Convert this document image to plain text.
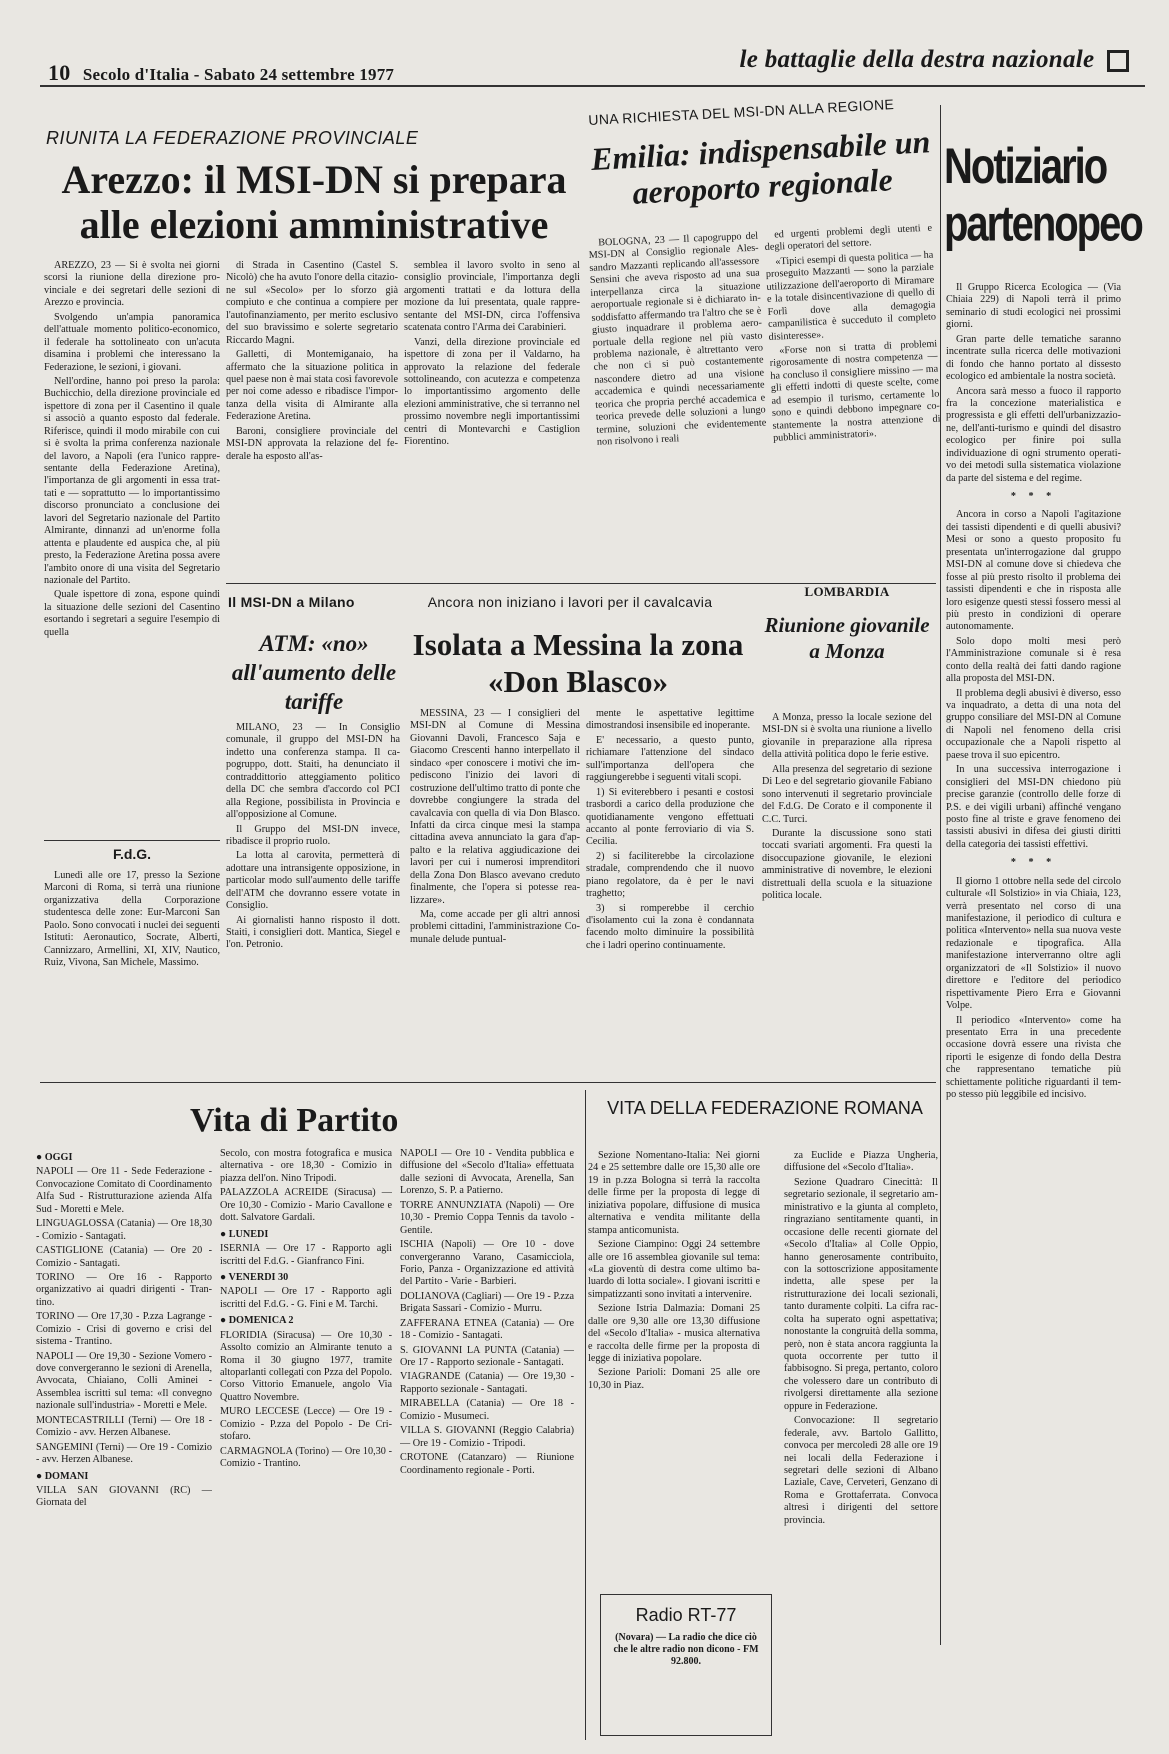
10 Secolo d'Italia - Sabato 24 settembre 1977
le battaglie della destra nazionale
RIUNITA LA FEDERAZIONE PROVINCIALE
Arezzo: il MSI-DN si prepara alle elezioni amministrative

AREZZO, 23 — Si è svolta nei giorni scorsi la riunione della direzione provinciale e dei segretari delle sezioni di Arezzo e provincia.

Svolgendo un'ampia panoramica dell'attuale momento politico-economico, il federale ha sottolineato con un'acuta disamina i problemi che interessano la Federazione, le sezioni, i giovani.

Nell'ordine, hanno poi preso la parola: Buchicchio, della direzione provinciale ed ispettore di zona per il Casentino il quale si associò a quanto esposto dal federale. Riferisce, quindi il modo mirabile con cui si è svolta la prima conferenza nazionale del lavoro, a Napoli (era l'unico rappresentante della Federazione Aretina), l'importanza de gli argomenti in essa trattati e — soprattutto — lo importantissimo discorso pronunciato a conclusione dei lavori del Segretario nazionale del Partito Almirante, dinnanzi ad un'enorme folla attenta e plaudente ed auspica che, al più presto, la Federazione Aretina possa avere l'ambito onore di una visita del Segretario nazionale del Partito.

Quale ispettore di zona, espone quindi la situazione delle sezioni del Casentino esortando i segretari a seguire l'esempio di quella

di Strada in Casentino (Castel S. Nicolò) che ha avuto l'onore della citazione sul «Secolo» per lo sforzo già compiuto e che continua a compiere per l'autofinanziamento, per merito esclusivo del suo bravissimo e solerte segretario Riccardo Magni.

Galletti, di Montemiganaio, ha affermato che la situazione politica in quel paese non è mai stata così favorevole per noi come adesso e ribadisce l'importanza della visita di Almirante alla Federazione Aretina.

Baroni, consigliere provinciale del MSI-DN approvata la relazione del federale ha esposto all'as-

semblea il lavoro svolto in seno al consiglio provinciale, l'importanza degli argomenti trattati e da lottura della mozione da lui presentata, quale rappresentante del MSI-DN, circa l'offensiva scatenata contro l'Arma dei Carabinieri.

Vanzi, della direzione provinciale ed ispettore di zona per il Valdarno, ha approvato la relazione del federale sottolineando, con acutezza e competenza lo importantissimo argomento delle elezioni amministrative, che si terranno nel prossimo novembre negli importantissimi centri di Montevarchi e Castiglion Fiorentino.

UNA RICHIESTA DEL MSI-DN ALLA REGIONE
Emilia: indispensabile un aeroporto regionale

BOLOGNA, 23 — Il capogruppo del MSI-DN al Consiglio regionale Alessandro Mazzanti replicando all'assessore Sensini che aveva risposto ad una sua interpellanza circa la situazione aeroportuale regionale si è dichiarato insoddisfatto affermando tra l'altro che se è giusto inquadrare il problema aeroportuale della regione nel più vasto problema nazionale, è altrettanto vero che non ci si può costantemente nascondere dietro ad una visione accademica e quindi necessariamente teorica che propria perché accademica e teorica prevede delle soluzioni a lungo termine, soluzioni che evidentemente non risolvono i reali

ed urgenti problemi degli utenti e degli operatori del settore.

«Tipici esempi di questa politica — ha proseguito Mazzanti — sono la parziale utilizzazione dell'aeroporto di Miramare e la totale disincentivazione di quello di Forlì dove alla demagogia campanilistica è succeduto il completo disinteresse».

«Forse non si tratta di problemi rigorosamente di nostra competenza — ha concluso il consigliere missino — ma gli effetti indotti di queste scelte, come ad esempio il turismo, certamente lo sono e quindi debbono impegnare costantemente la nostra attenzione di pubblici amministratori».

Notiziario partenopeo

Il Gruppo Ricerca Ecologica — (Via Chiaia 229) di Napoli terrà il primo seminario di studi ecologici nei prossimi giorni.

Gran parte delle tematiche saranno incentrate sulla ricerca delle motivazioni di fondo che hanno portato al dissesto ecologico ed ambientale la nostra società.

Ancora sarà messo a fuoco il rapporto fra la concezione materialistica e progressista e gli effetti dell'urbanizzazione, dell'anti-turismo e quindi del disastro ecologico per finire poi sulla individuazione di ogni strumento operativo dei metodi sulla sistematica violazione da parte del sistema e del regime.

* * *

Ancora in corso a Napoli l'agitazione dei tassisti dipendenti e di quelli abusivi? Mesi or sono a questo proposito fu presentata un'interrogazione dal gruppo MSI-DN al comune dove si chiedeva che fosse al più presto risolto il problema dei tassisti dipendenti e che in risposta alle loro esigenze questi stessi fossero messi al più presto in condizioni di operare autonomamente.

Solo dopo molti mesi però l'Amministrazione comunale si è resa conto della realtà dei fatti dando ragione alla proposta del MSI-DN.

Il problema degli abusivi è diverso, esso va inquadrato, a detta di una nota del gruppo consiliare del MSI-DN al Comune di Napoli nel fenomeno della crisi occupazionale che a Napoli rispetto al paese trova il suo epicentro.

In una successiva interrogazione i consiglieri del MSI-DN chiedono più precise garanzie (controllo delle forze di P.S. e dei vigili urbani) affinché vengano posto fine al triste e grave fenomeno dei tassisti abusivi in difesa dei giusti diritti della categoria dei tassisti effettivi.

* * *

Il giorno 1 ottobre nella sede del circolo culturale «Il Solstizio» in via Chiaia, 123, verrà presentato nel corso di una manifestazione, il periodico di cultura e politica «Intervento» nella sua nuova veste redazionale e tipografica. Alla manifestazione interverranno oltre agli organizzatori de «Il Solstizio» il nuovo direttore e l'editore del periodico rispettivamente Piero Erra e Giovanni Volpe.

Il periodico «Intervento» come ha presentato Erra in una precedente occasione dovrà essere una rivista che riporti le esigenze di fondo della Destra che rappresentano tematiche più schiettamente politiche riguardanti il tempo stesso più leggibile ed incisivo.

Il MSI-DN a Milano
ATM: «no» all'aumento delle tariffe

MILANO, 23 — In Consiglio comunale, il gruppo del MSI-DN ha indetto una conferenza stampa. Il capogruppo, dott. Staiti, ha denunciato il contraddittorio atteggiamento politico della DC che sembra d'accordo col PCI alla Regione, possibilista in Provincia e all'opposizione al Comune.

Il Gruppo del MSI-DN invece, ribadisce il proprio ruolo.

La lotta al carovita, permetterà di adottare una intransigente opposizione, in particolar modo sull'aumento delle tariffe dell'ATM che dovranno essere votate in Consiglio.

Ai giornalisti hanno risposto il dott. Staiti, i consiglieri dott. Mantica, Siegel e l'on. Petronio.

F.d.G.

Lunedì alle ore 17, presso la Sezione Marconi di Roma, si terrà una riunione organizzativa della Corporazione studentesca delle zone: Eur-Marconi San Paolo. Sono convocati i nuclei dei seguenti Istituti: Aeronautico, Socrate, Alberti, Cannizzaro, Armellini, XI, XIV, Nautico, Ruiz, Vivona, San Michele, Massimo.

Ancora non iniziano i lavori per il cavalcavia
Isolata a Messina la zona «Don Blasco»

MESSINA, 23 — I consiglieri del MSI-DN al Comune di Messina Giovanni Davoli, Francesco Saja e Giacomo Crescenti hanno interpellato il sindaco «per conoscere i motivi che impediscono l'inizio dei lavori di costruzione dell'ultimo tratto di ponte che dovrebbe congiungere la strada del cavalcavia con quella di via Don Blasco. Infatti da circa cinque mesi la stampa cittadina aveva annunciato la gara d'appalto e la relativa aggiudicazione dei lavori per cui i numerosi imprenditori della Zona Don Blasco avevano creduto finalmente, che l'opera si potesse realizzare».

Ma, come accade per gli altri annosi problemi cittadini, l'amministrazione Comunale delude puntual-

mente le aspettative legittime dimostrandosi insensibile ed inoperante.

E' necessario, a questo punto, richiamare l'attenzione del sindaco sull'importanza dell'opera che raggiungerebbe i seguenti vitali scopi.

1) Si eviterebbero i pesanti e costosi trasbordi a carico della produzione che quotidianamente vengono effettuati accanto al ponte ferroviario di via S. Cecilia.

2) si faciliterebbe la circolazione stradale, comprendendo che il nuovo piano regolatore, da è per le navi traghetto;

3) si romperebbe il cerchio d'isolamento cui la zona è condannata facendo molto diminuire la possibilità che i ladri operino continuamente.

LOMBARDIA
Riunione giovanile a Monza

A Monza, presso la locale sezione del MSI-DN si è svolta una riunione a livello giovanile in preparazione alla ripresa della attività politica dopo le ferie estive.

Alla presenza del segretario di sezione Di Leo e del segretario giovanile Fabiano sono intervenuti il segretario provinciale del F.d.G. De Corato e il componente il C.C. Turci.

Durante la discussione sono stati toccati svariati argomenti. Fra questi la disoccupazione giovanile, le elezioni amministrative di novembre, le elezioni distrettuali della scuola e la situazione politica locale.

Vita di Partito

● OGGI

NAPOLI — Ore 11 - Sede Federazione - Convocazione Comitato di Coordinamento Alfa Sud - Ristrutturazione azienda Alfa Sud - Moretti e Mele.

LINGUAGLOSSA (Catania) — Ore 18,30 - Comizio - Santagati.

CASTIGLIONE (Catania) — Ore 20 - Comizio - Santagati.

TORINO — Ore 16 - Rapporto organizzativo ai quadri dirigenti - Trantino.

TORINO — Ore 17,30 - P.zza Lagrange - Comizio - Crisi di governo e crisi del sistema - Trantino.

NAPOLI — Ore 19,30 - Sezione Vomero - dove convergeranno le sezioni di Arenella, Avvocata, Chiaiano, Colli Aminei - Assemblea iscritti sul tema: «Il convegno nazionale sull'industria» - Moretti e Mele.

MONTECASTRILLI (Terni) — Ore 18 - Comizio - avv. Herzen Albanese.

SANGEMINI (Terni) — Ore 19 - Comizio - avv. Herzen Albanese.

● DOMANI

VILLA SAN GIOVANNI (RC) — Giornata del

Secolo, con mostra fotografica e musica alternativa - ore 18,30 - Comizio in piazza dell'on. Nino Tripodi.

PALAZZOLA ACREIDE (Siracusa) — Ore 10,30 - Comizio - Mario Cavallone e dott. Salvatore Gardali.

● LUNEDI

ISERNIA — Ore 17 - Rapporto agli iscritti del F.d.G. - Gianfranco Fini.

● VENERDI 30

NAPOLI — Ore 17 - Rapporto agli iscritti del F.d.G. - G. Fini e M. Tarchi.

● DOMENICA 2

FLORIDIA (Siracusa) — Ore 10,30 - Assolto comizio an Almirante tenuto a Roma il 30 giugno 1977, tramite altoparlanti collegati con Pzza del Popolo. Corso Vittorio Emanuele, angolo Via Quattro Novembre.

MURO LECCESE (Lecce) — Ore 19 - Comizio - P.zza del Popolo - De Cristofaro.

CARMAGNOLA (Torino) — Ore 10,30 - Comizio - Trantino.

NAPOLI — Ore 10 - Vendita pubblica e diffusione del «Secolo d'Italia» effettuata dalle sezioni di Avvocata, Arenella, San Lorenzo, S. P. a Patierno.

TORRE ANNUNZIATA (Napoli) — Ore 10,30 - Premio Coppa Tennis da tavolo - Gentile.

ISCHIA (Napoli) — Ore 10 - dove convergeranno Varano, Casamicciola, Forio, Panza - Organizzazione ed attività del Partito - Varie - Barbieri.

DOLIANOVA (Cagliari) — Ore 19 - P.zza Brigata Sassari - Comizio - Murru.

ZAFFERANA ETNEA (Catania) — Ore 18 - Comizio - Santagati.

S. GIOVANNI LA PUNTA (Catania) — Ore 17 - Rapporto sezionale - Santagati.

VIAGRANDE (Catania) — Ore 19,30 - Rapporto sezionale - Santagati.

MIRABELLA (Catania) — Ore 18 - Comizio - Musumeci.

VILLA S. GIOVANNI (Reggio Calabria) — Ore 19 - Comizio - Tripodi.

CROTONE (Catanzaro) — Riunione Coordinamento regionale - Porti.

VITA DELLA FEDERAZIONE ROMANA

Sezione Nomentano-Italia: Nei giorni 24 e 25 settembre dalle ore 15,30 alle ore 19 in p.zza Bologna si terrà la raccolta delle firme per la proposta di legge di iniziativa popolare, diffusione di musica alternativa e vendita militante della stampa anticomunista.

Sezione Ciampino: Oggi 24 settembre alle ore 16 assemblea giovanile sul tema: «La gioventù di destra come ultimo baluardo di lotta sociale». I giovani iscritti e simpatizzanti sono invitati a intervenire.

Sezione Istria Dalmazia: Domani 25 dalle ore 9,30 alle ore 13,30 diffusione del «Secolo d'Italia» - musica alternativa e raccolta delle firme per la proposta di legge di iniziativa popolare.

Sezione Parioli: Domani 25 alle ore 10,30 in Piaz.

za Euclide e Piazza Ungheria, diffusione del «Secolo d'Italia».

Sezione Quadraro Cinecittà: Il segretario sezionale, il segretario amministrativo e la giunta al completo, ringraziano sentitamente quanti, in occasione delle recenti giornate del «Secolo d'Italia» al Colle Oppio, hanno generosamente contribuito, con la sottoscrizione appositamente indetta, alle spese per la ristrutturazione dei locali sezionali, tanto duramente colpiti. La cifra raccolta ha superato ogni aspettativa; nonostante la congruità della somma, però, non è stata ancora raggiunta la quota occorrente per tutto il fabbisogno. Si prega, pertanto, coloro che volessero dare un contributo di rivolgersi direttamente alla sezione oppure in Federazione.

Convocazione: Il segretario federale, avv. Bartolo Gallitto, convoca per mercoledì 28 alle ore 19 nei locali della Federazione i segretari delle sezioni di Albano Laziale, Cave, Cerveteri, Genzano di Roma e Grottaferrata. Convoca altresì i dirigenti del settore provincia.

Radio RT-77
(Novara) — La radio che dice ciò che le altre radio non dicono - FM 92.800.
